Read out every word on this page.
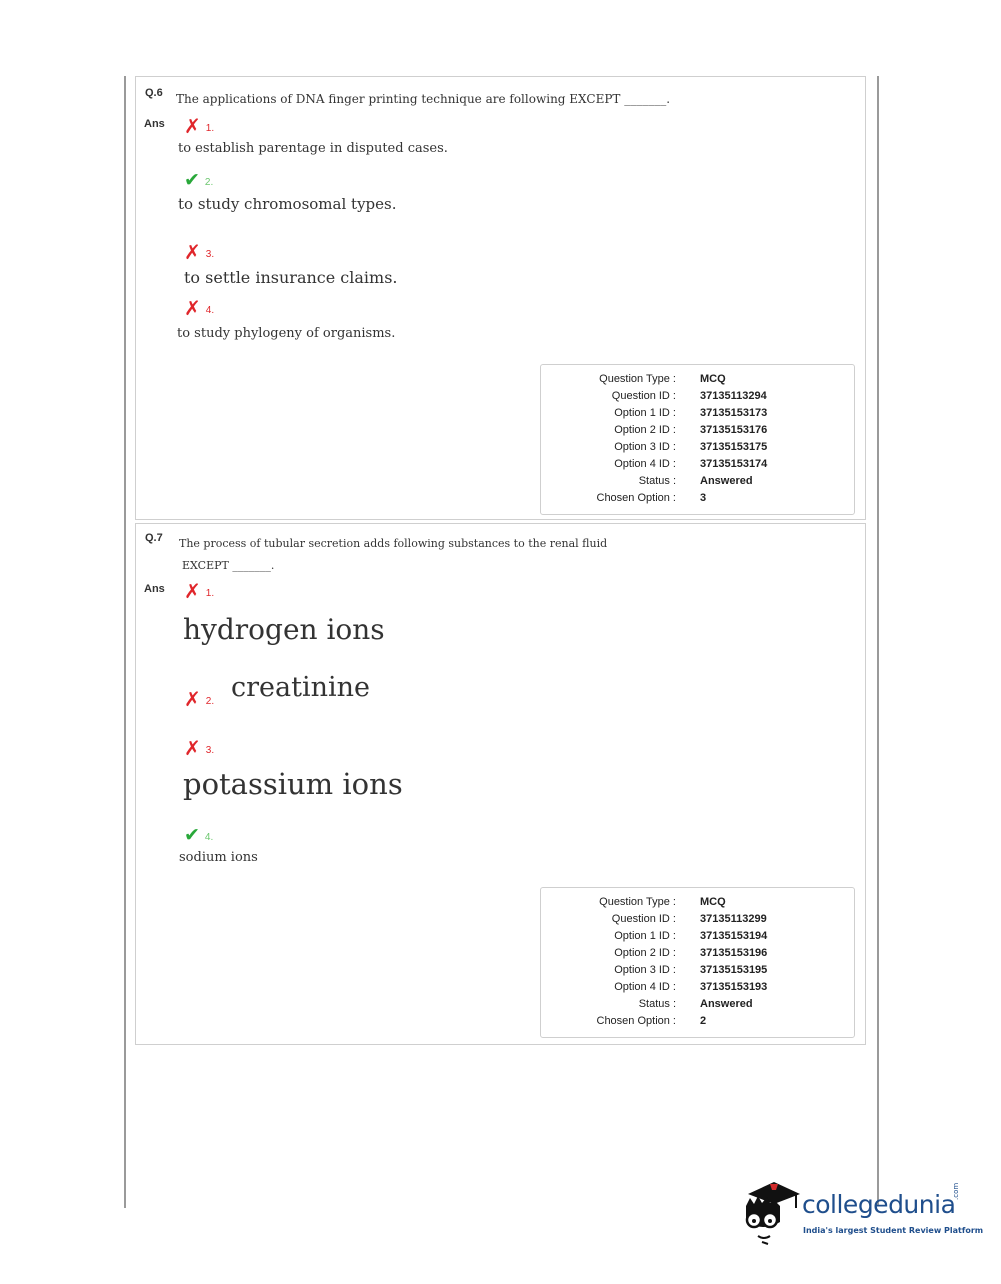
Q.6 The applications of DNA finger printing technique are following EXCEPT _______.
Ans ✗ 1.
to establish parentage in disputed cases.
✔ 2.
to study chromosomal types.
✗ 3.
to settle insurance claims.
✗ 4.
to study phylogeny of organisms.
Question Type : MCQ
Question ID : 37135113294
Option 1 ID : 37135153173
Option 2 ID : 37135153176
Option 3 ID : 37135153175
Option 4 ID : 37135153174
Status : Answered
Chosen Option : 3
Q.7 The process of tubular secretion adds following substances to the renal fluid
EXCEPT _______.
Ans ✗ 1.
hydrogen ions
✗ 2. creatinine
✗ 3.
potassium ions
✔ 4.
sodium ions
Question Type : MCQ
Question ID : 37135113299
Option 1 ID : 37135153194
Option 2 ID : 37135153196
Option 3 ID : 37135153195
Option 4 ID : 37135153193
Status : Answered
Chosen Option : 2
collegedunia
.com
India's largest Student Review Platform
